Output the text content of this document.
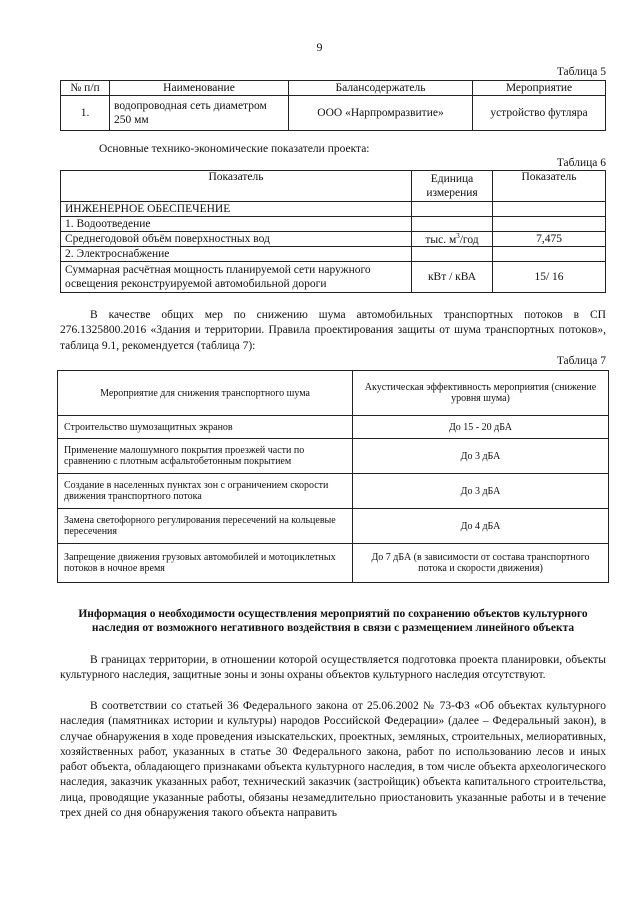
9
Таблица 5
№ п/п	Наименование	Балансодержатель	Мероприятие
1.	водопроводная сеть диаметром 250 мм	ООО «Нарпромразвитие»	устройство футляра
Основные технико-экономические показатели проекта:
Таблица 6
Показатель	Единица измерения	Показатель
ИНЖЕНЕРНОЕ ОБЕСПЕЧЕНИЕ		
1. Водоотведение		
Среднегодовой объём поверхностных вод	тыс. $м^3$/год	7,475
2. Электроснабжение		
Суммарная расчётная мощность планируемой сети наружного освещения реконструируемой автомобильной дороги	кВт / кВА	15/ 16
В качестве общих мер по снижению шума автомобильных транспортных потоков в СП 276.1325800.2016 «Здания и территории. Правила проектирования защиты от шума транспортных потоков», таблица 9.1, рекомендуется (таблица 7):
Таблица 7
Мероприятие для снижения транспортного шума	Акустическая эффективность мероприятия (снижение уровня шума)
Строительство шумозащитных экранов	До 15 - 20 дБА
Применение малошумного покрытия проезжей части по сравнению с плотным асфальтобетонным покрытием	До 3 дБА
Создание в населенных пунктах зон с ограничением скорости движения транспортного потока	До 3 дБА
Замена светофорного регулирования пересечений на кольцевые пересечения	До 4 дБА
Запрещение движения грузовых автомобилей и мотоциклетных потоков в ночное время	До 7 дБА (в зависимости от состава транспортного потока и скорости движения)
Информация о необходимости осуществления мероприятий по сохранению объектов культурного наследия от возможного негативного воздействия в связи с размещением линейного объекта
В границах территории, в отношении которой осуществляется подготовка проекта планировки, объекты культурного наследия, защитные зоны и зоны охраны объектов культурного наследия отсутствуют.
В соответствии со статьей 36 Федерального закона от 25.06.2002 № 73-ФЗ «Об объектах культурного наследия (памятниках истории и культуры) народов Российской Федерации» (далее – Федеральный закон), в случае обнаружения в ходе проведения изыскательских, проектных, земляных, строительных, мелиоративных, хозяйственных работ, указанных в статье 30 Федерального закона, работ по использованию лесов и иных работ объекта, обладающего признаками объекта культурного наследия, в том числе объекта археологического наследия, заказчик указанных работ, технический заказчик (застройщик) объекта капитального строительства, лица, проводящие указанные работы, обязаны незамедлительно приостановить указанные работы и в течение трех дней со дня обнаружения такого объекта направить
